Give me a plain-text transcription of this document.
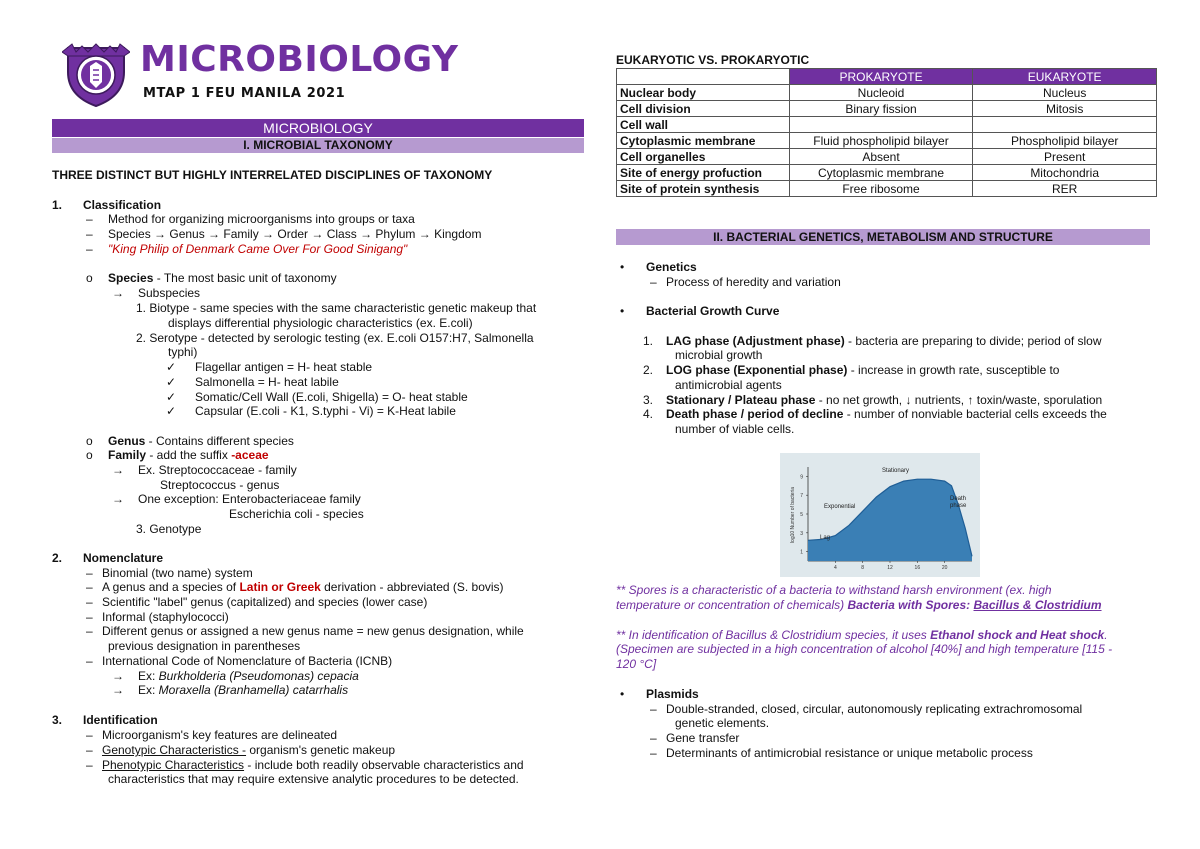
MICROBIOLOGY
MTAP 1 FEU MANILA 2021
MICROBIOLOGY
I. MICROBIAL TAXONOMY
THREE DISTINCT BUT HIGHLY INTERRELATED DISCIPLINES OF TAXONOMY
1. Classification
– Method for organizing microorganisms into groups or taxa
– Species → Genus → Family → Order → Class → Phylum → Kingdom
– "King Philip of Denmark Came Over For Good Sinigang"
o Species - The most basic unit of taxonomy
→ Subspecies
1. Biotype - same species with the same characteristic genetic makeup that
displays differential physiologic characteristics (ex. E.coli)
2. Serotype - detected by serologic testing (ex. E.coli O157:H7, Salmonella
typhi)
✓ Flagellar antigen = H- heat stable
✓ Salmonella = H- heat labile
✓ Somatic/Cell Wall (E.coli, Shigella) = O- heat stable
✓ Capsular (E.coli - K1, S.typhi - Vi) = K-Heat labile
o Genus - Contains different species
o Family - add the suffix -aceae
→ Ex. Streptococcaceae - family
Streptococcus - genus
→ One exception: Enterobacteriaceae family
Escherichia coli - species
3. Genotype
2. Nomenclature
– Binomial (two name) system
– A genus and a species of Latin or Greek derivation - abbreviated (S. bovis)
– Scientific "label" genus (capitalized) and species (lower case)
– Informal (staphylococci)
– Different genus or assigned a new genus name = new genus designation, while
previous designation in parentheses
– International Code of Nomenclature of Bacteria (ICNB)
→ Ex: Burkholderia (Pseudomonas) cepacia
→ Ex: Moraxella (Branhamella) catarrhalis
3. Identification
– Microorganism's key features are delineated
– Genotypic Characteristics - organism's genetic makeup
– Phenotypic Characteristics - include both readily observable characteristics and
characteristics that may require extensive analytic procedures to be detected.
EUKARYOTIC VS. PROKARYOTIC
	PROKARYOTE	EUKARYOTE
Nuclear body	Nucleoid	Nucleus
Cell division	Binary fission	Mitosis
Cell wall		
Cytoplasmic membrane	Fluid phospholipid bilayer	Phospholipid bilayer
Cell organelles	Absent	Present
Site of energy profuction	Cytoplasmic membrane	Mitochondria
Site of protein synthesis	Free ribosome	RER
II. BACTERIAL GENETICS, METABOLISM AND STRUCTURE
• Genetics
– Process of heredity and variation
• Bacterial Growth Curve
1. LAG phase (Adjustment phase) - bacteria are preparing to divide; period of slow
microbial growth
2. LOG phase (Exponential phase) - increase in growth rate, susceptible to
antimicrobial agents
3. Stationary / Plateau phase - no net growth, ↓ nutrients, ↑ toxin/waste, sporulation
4. Death phase / period of decline - number of nonviable bacterial cells exceeds the
number of viable cells.
1
3
5
7
9
4	8	12	16	20
log10 Number of bacteria	Lag
Exponential
Stationary
Death phase
** Spores is a characteristic of a bacteria to withstand harsh environment (ex. high
temperature or concentration of chemicals) Bacteria with Spores: Bacillus & Clostridium
** In identification of Bacillus & Clostridium species, it uses Ethanol shock and Heat shock.
(Specimen are subjected in a high concentration of alcohol [40%] and high temperature [115 -
120 °C]
• Plasmids
– Double-stranded, closed, circular, autonomously replicating extrachromosomal
genetic elements.
– Gene transfer
– Determinants of antimicrobial resistance or unique metabolic process
